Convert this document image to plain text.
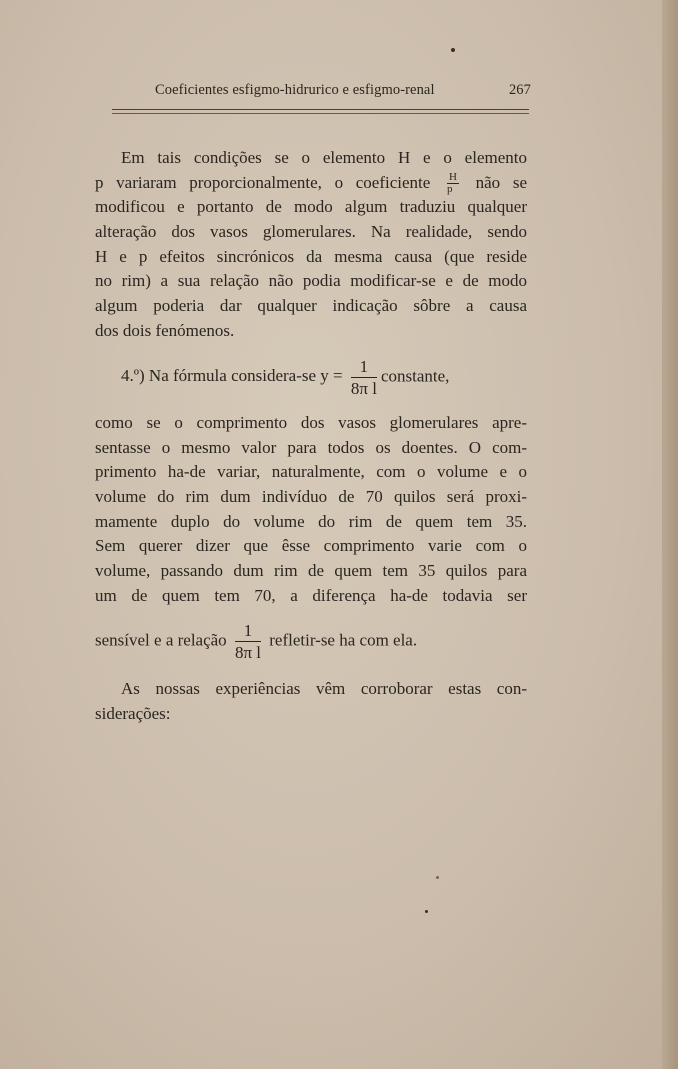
Coeficientes esfigmo-hidrurico e esfigmo-renal	267
Em tais condições se o elemento H e o elemento
p variaram proporcionalmente, o coeficiente $\frac{H}{p}$ não se
modificou e portanto de modo algum traduziu qualquer
alteração dos vasos glomerulares. Na realidade, sendo
H e p efeitos sincrónicos da mesma causa (que reside
no rim) a sua relação não podia modificar-se e de modo
algum poderia dar qualquer indicação sôbre a causa
dos dois fenómenos.
4.º) Na fórmula considera-se $y = \frac{1}{\text{8π l}}$ constante,
como se o comprimento dos vasos glomerulares apre-
sentasse o mesmo valor para todos os doentes. O com-
primento ha-de variar, naturalmente, com o volume e o
volume do rim dum indivíduo de 70 quilos será proxi-
mamente duplo do volume do rim de quem tem 35.
Sem querer dizer que êsse comprimento varie com o
volume, passando dum rim de quem tem 35 quilos para
um de quem tem 70, a diferença ha-de todavia ser
sensível e a relação $\frac{1}{\text{8π l}}$ refletir-se ha com ela.
As nossas experiências vêm corroborar estas con-
siderações:
